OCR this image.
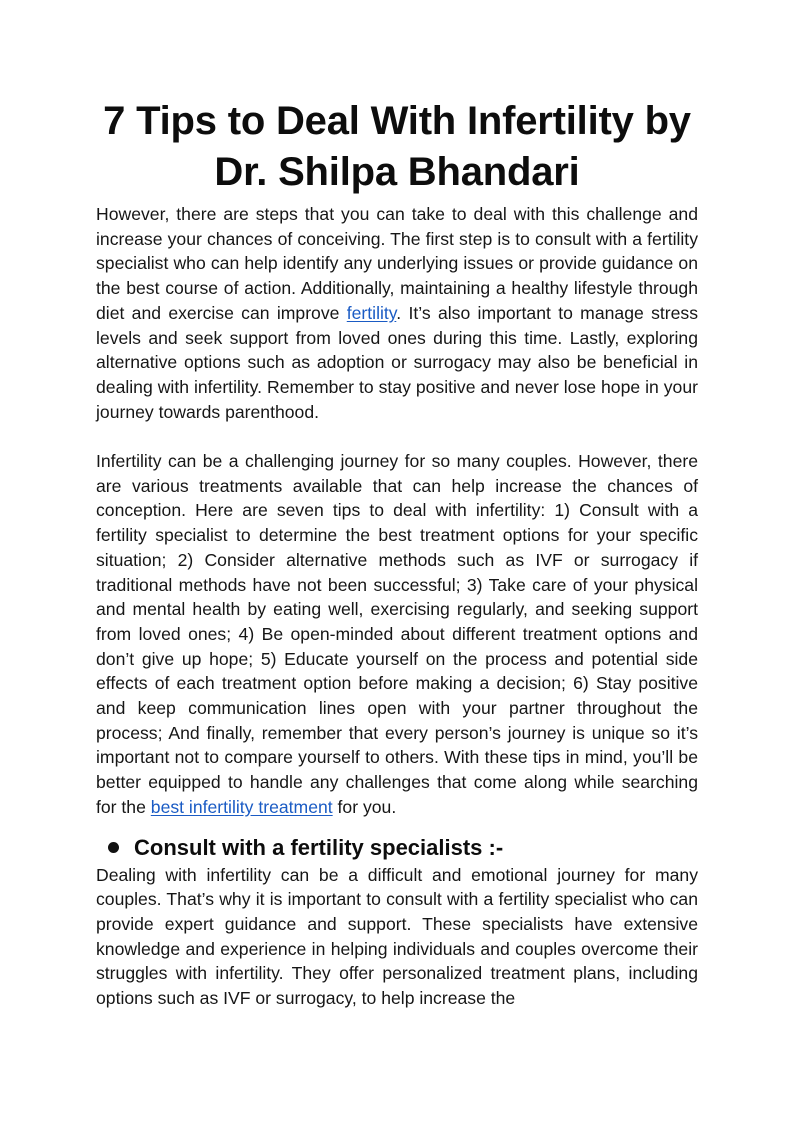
7 Tips to Deal With Infertility by
Dr. Shilpa Bhandari

However, there are steps that you can take to deal with this challenge and increase your chances of conceiving. The first step is to consult with a fertility specialist who can help identify any underlying issues or provide guidance on the best course of action. Additionally, maintaining a healthy lifestyle through diet and exercise can improve fertility. It’s also important to manage stress levels and seek support from loved ones during this time. Lastly, exploring alternative options such as adoption or surrogacy may also be beneficial in dealing with infertility. Remember to stay positive and never lose hope in your journey towards parenthood.

Infertility can be a challenging journey for so many couples. However, there are various treatments available that can help increase the chances of conception. Here are seven tips to deal with infertility: 1) Consult with a fertility specialist to determine the best treatment options for your specific situation; 2) Consider alternative methods such as IVF or surrogacy if traditional methods have not been successful; 3) Take care of your physical and mental health by eating well, exercising regularly, and seeking support from loved ones; 4) Be open-minded about different treatment options and don’t give up hope; 5) Educate yourself on the process and potential side effects of each treatment option before making a decision; 6) Stay positive and keep communication lines open with your partner throughout the process; And finally, remember that every person’s journey is unique so it’s important not to compare yourself to others. With these tips in mind, you’ll be better equipped to handle any challenges that come along while searching for the best infertility treatment for you.

Consult with a fertility specialists :-

Dealing with infertility can be a difficult and emotional journey for many couples. That’s why it is important to consult with a fertility specialist who can provide expert guidance and support. These specialists have extensive knowledge and experience in helping individuals and couples overcome their struggles with infertility. They offer personalized treatment plans, including options such as IVF or surrogacy, to help increase the
